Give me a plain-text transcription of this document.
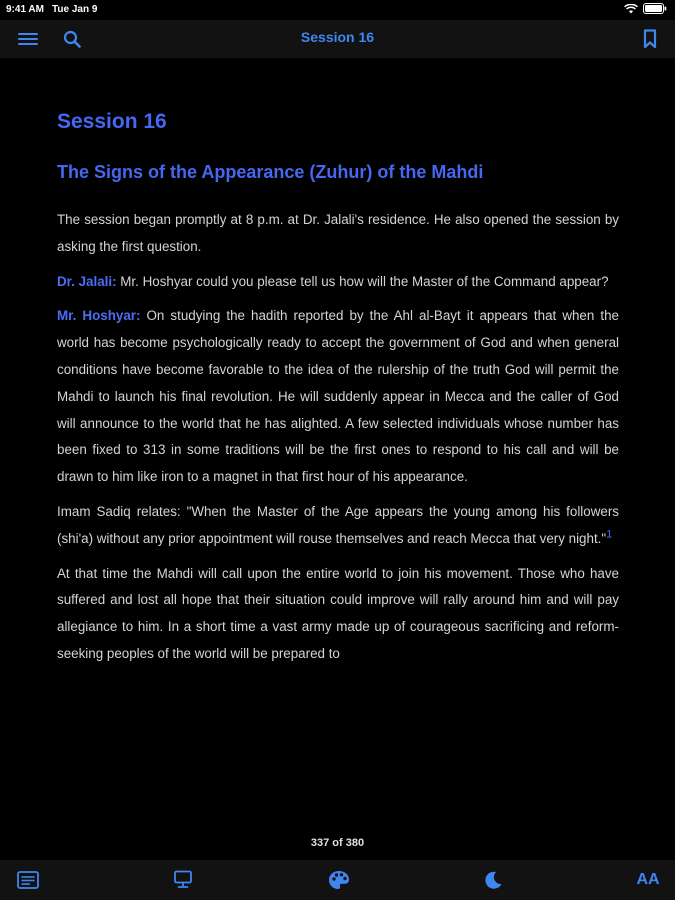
9:41 AM Tue Jan 9
Session 16
Session 16
The Signs of the Appearance (Zuhur) of the Mahdi

The session began promptly at 8 p.m. at Dr. Jalali's residence. He also opened the session by asking the first question.

Dr. Jalali: Mr. Hoshyar could you please tell us how will the Master of the Command appear?

Mr. Hoshyar: On studying the hadith reported by the Ahl al-Bayt it appears that when the world has become psychologically ready to accept the government of God and when general conditions have become favorable to the idea of the rulership of the truth God will permit the Mahdi to launch his final revolution. He will suddenly appear in Mecca and the caller of God will announce to the world that he has alighted. A few selected individuals whose number has been fixed to 313 in some traditions will be the first ones to respond to his call and will be drawn to him like iron to a magnet in that first hour of his appearance.

Imam Sadiq relates: "When the Master of the Age appears the young among his followers (shi'a) without any prior appointment will rouse themselves and reach Mecca that very night."$^1$

At that time the Mahdi will call upon the entire world to join his movement. Those who have suffered and lost all hope that their situation could improve will rally around him and will pay allegiance to him. In a short time a vast army made up of courageous sacrificing and reform-seeking peoples of the world will be prepared to

337 of 380
AA
